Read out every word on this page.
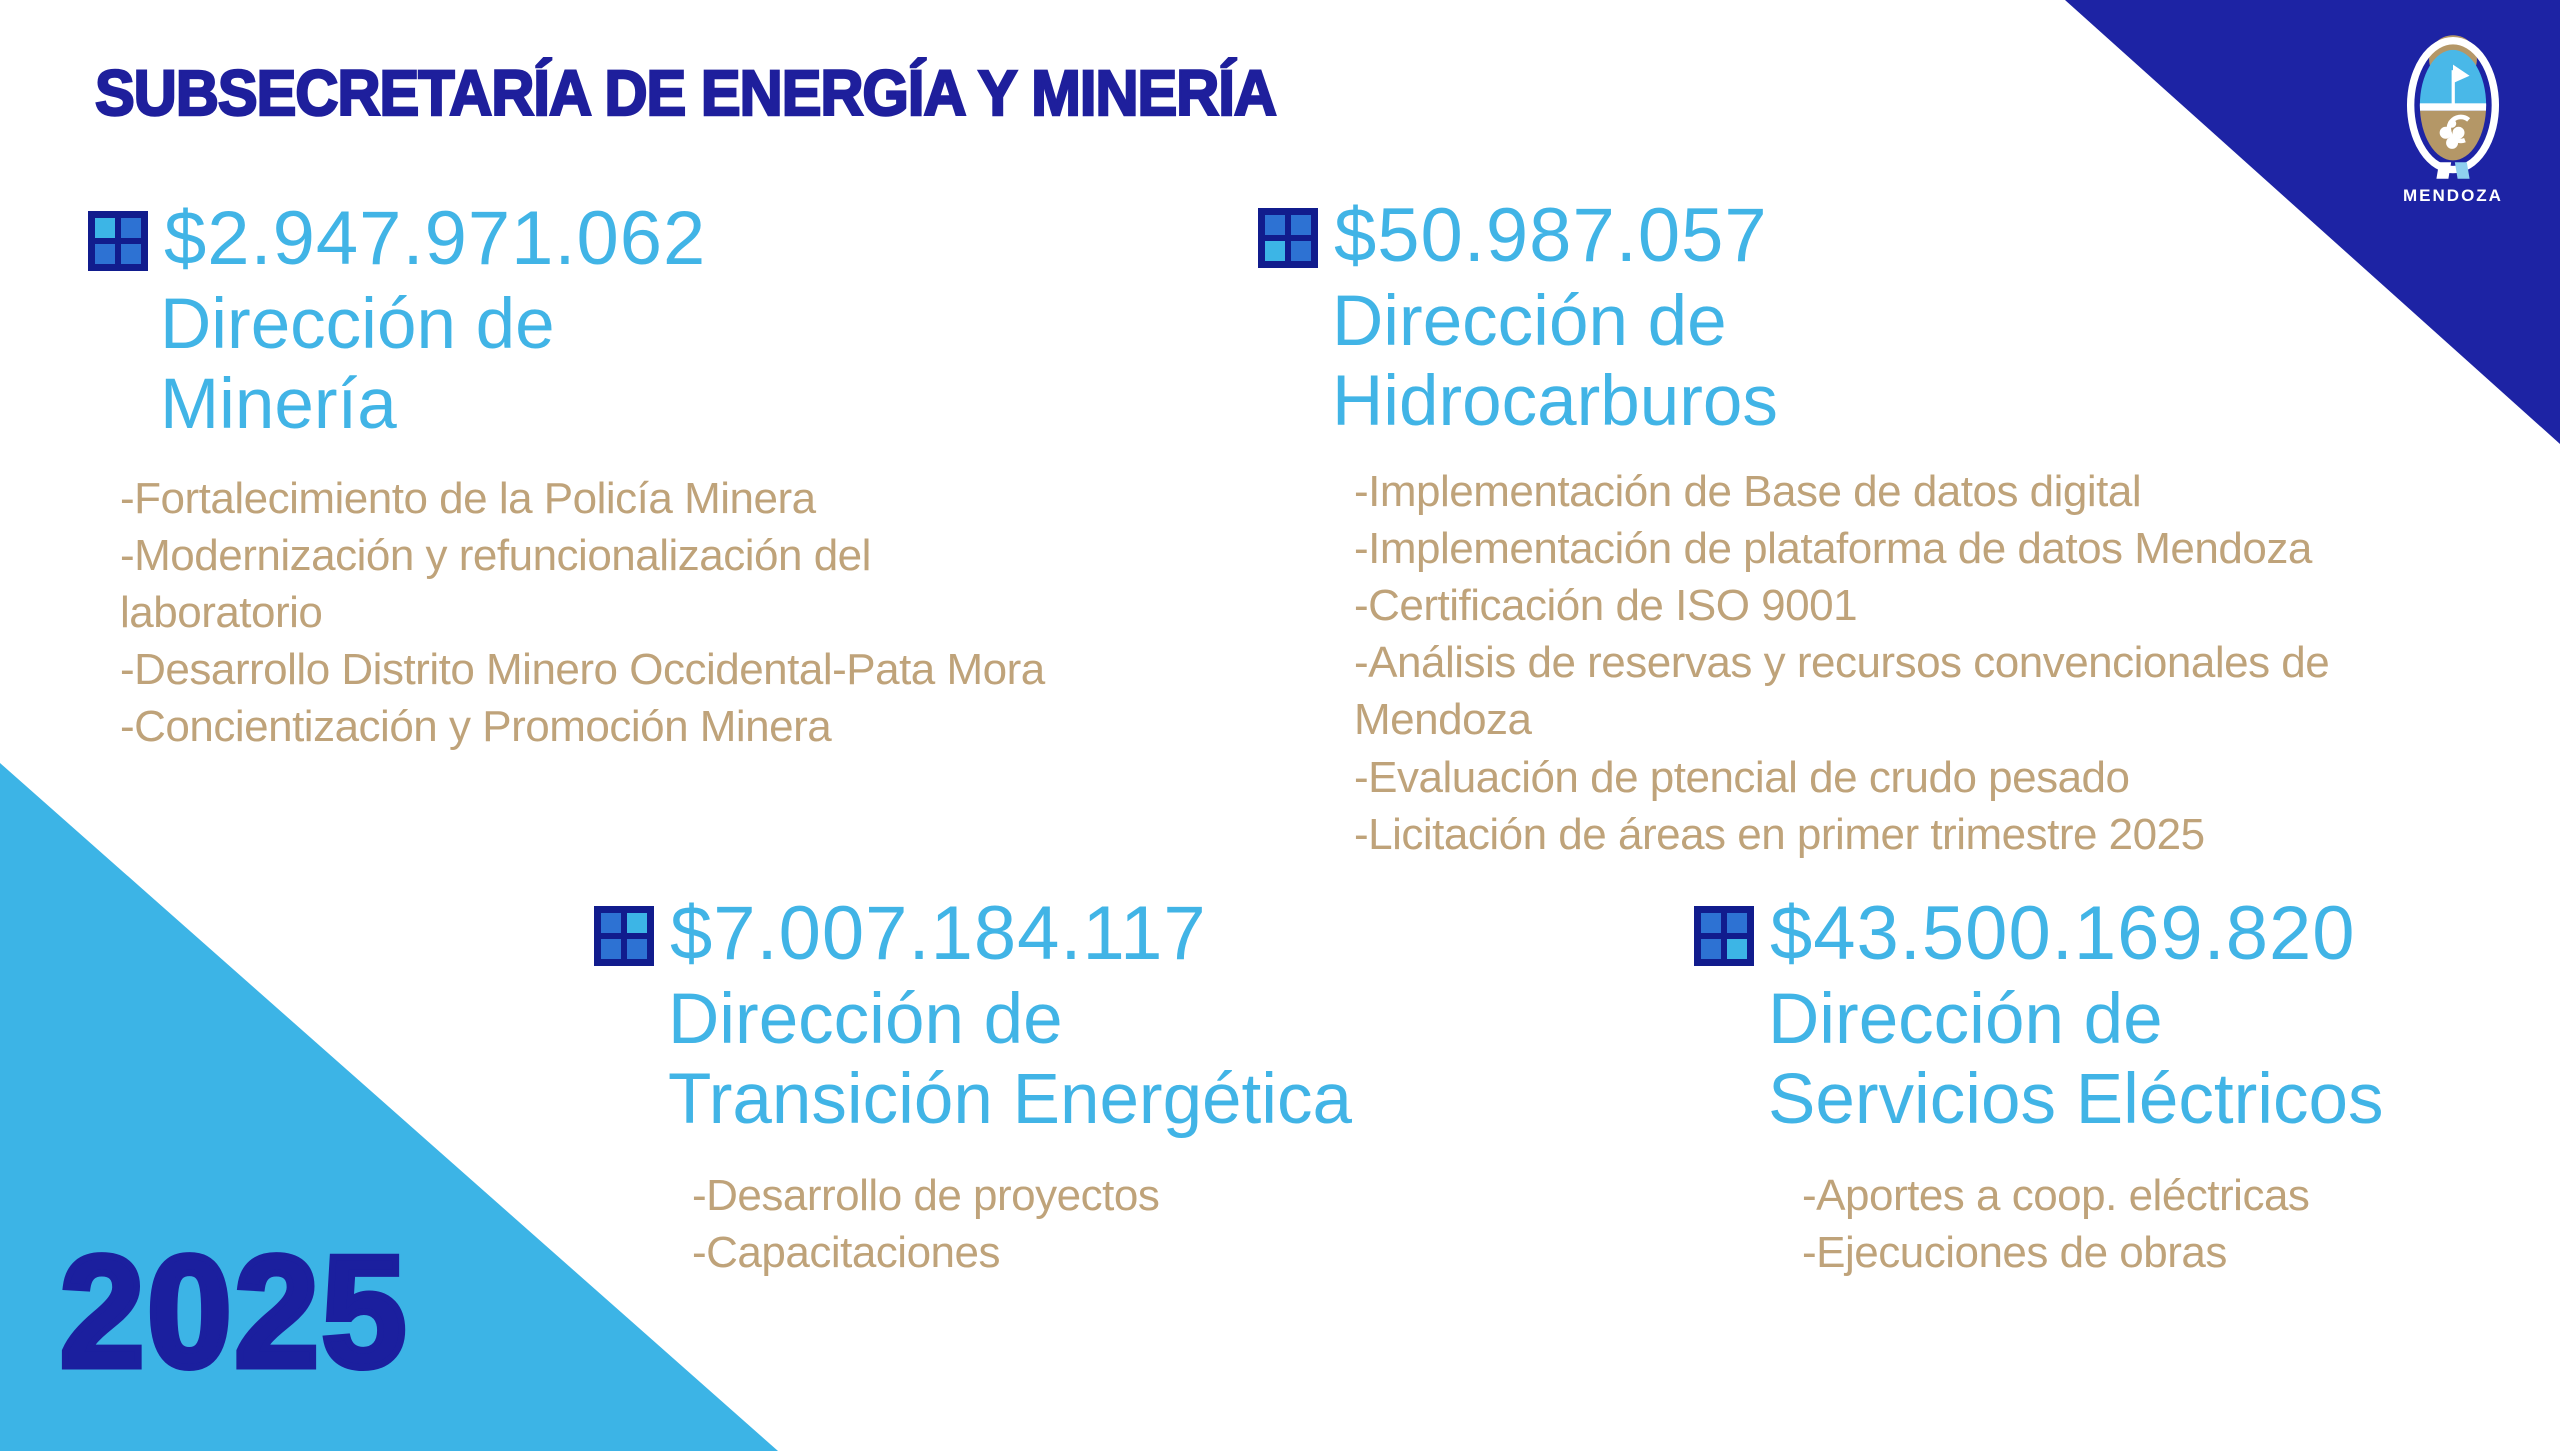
SUBSECRETARÍA DE ENERGÍA Y MINERÍA
MENDOZA
$2.947.971.062
Dirección de
Minería
-Fortalecimiento de la Policía Minera
-Modernización y refuncionalización del
laboratorio
-Desarrollo Distrito Minero Occidental-Pata Mora
-Concientización y Promoción Minera
$50.987.057
Dirección de
Hidrocarburos
-Implementación de Base de datos digital
-Implementación de plataforma de datos Mendoza
-Certificación de ISO 9001
-Análisis de reservas y recursos convencionales de
Mendoza
-Evaluación de ptencial de crudo pesado
-Licitación de áreas en primer trimestre 2025
$7.007.184.117
Dirección de
Transición Energética
-Desarrollo de proyectos
-Capacitaciones
$43.500.169.820
Dirección de
Servicios Eléctricos
-Aportes a coop. eléctricas
-Ejecuciones de obras
2025
